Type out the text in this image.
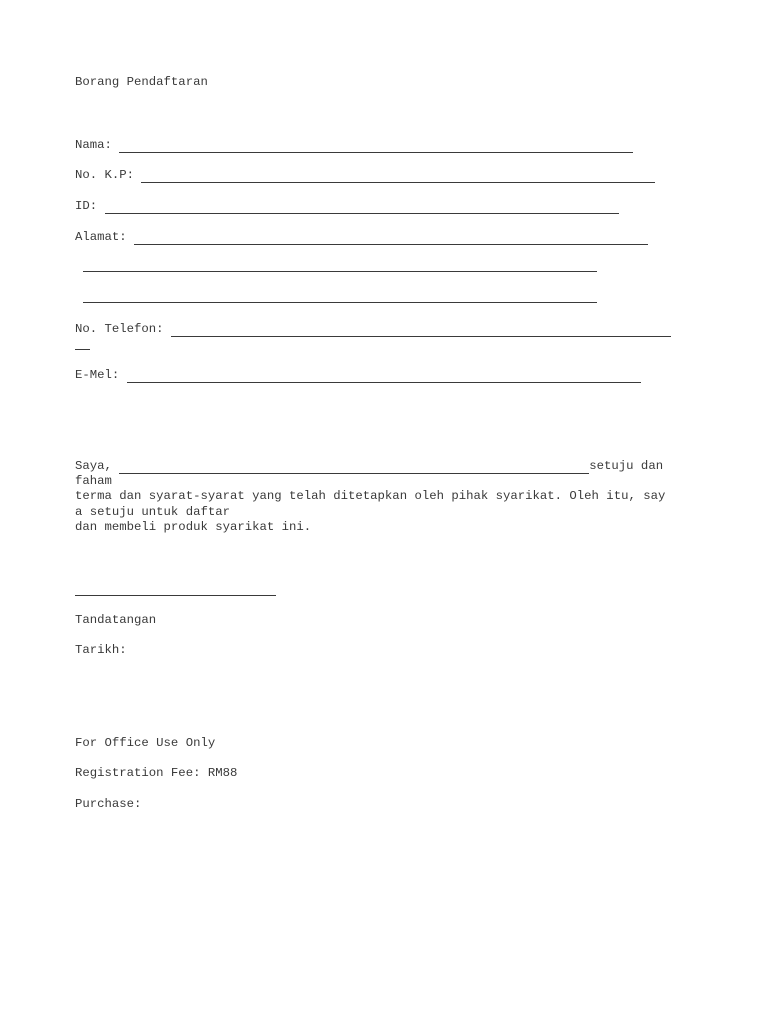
Borang Pendaftaran
Nama:
No. K.P:
ID:
Alamat:
No. Telefon:
E-Mel:
Saya,	setuju dan
faham
terma dan syarat-syarat yang telah ditetapkan oleh pihak syarikat. Oleh itu, say
a setuju untuk daftar
dan membeli produk syarikat ini.
Tandatangan
Tarikh:
For Office Use Only
Registration Fee: RM88
Purchase:
